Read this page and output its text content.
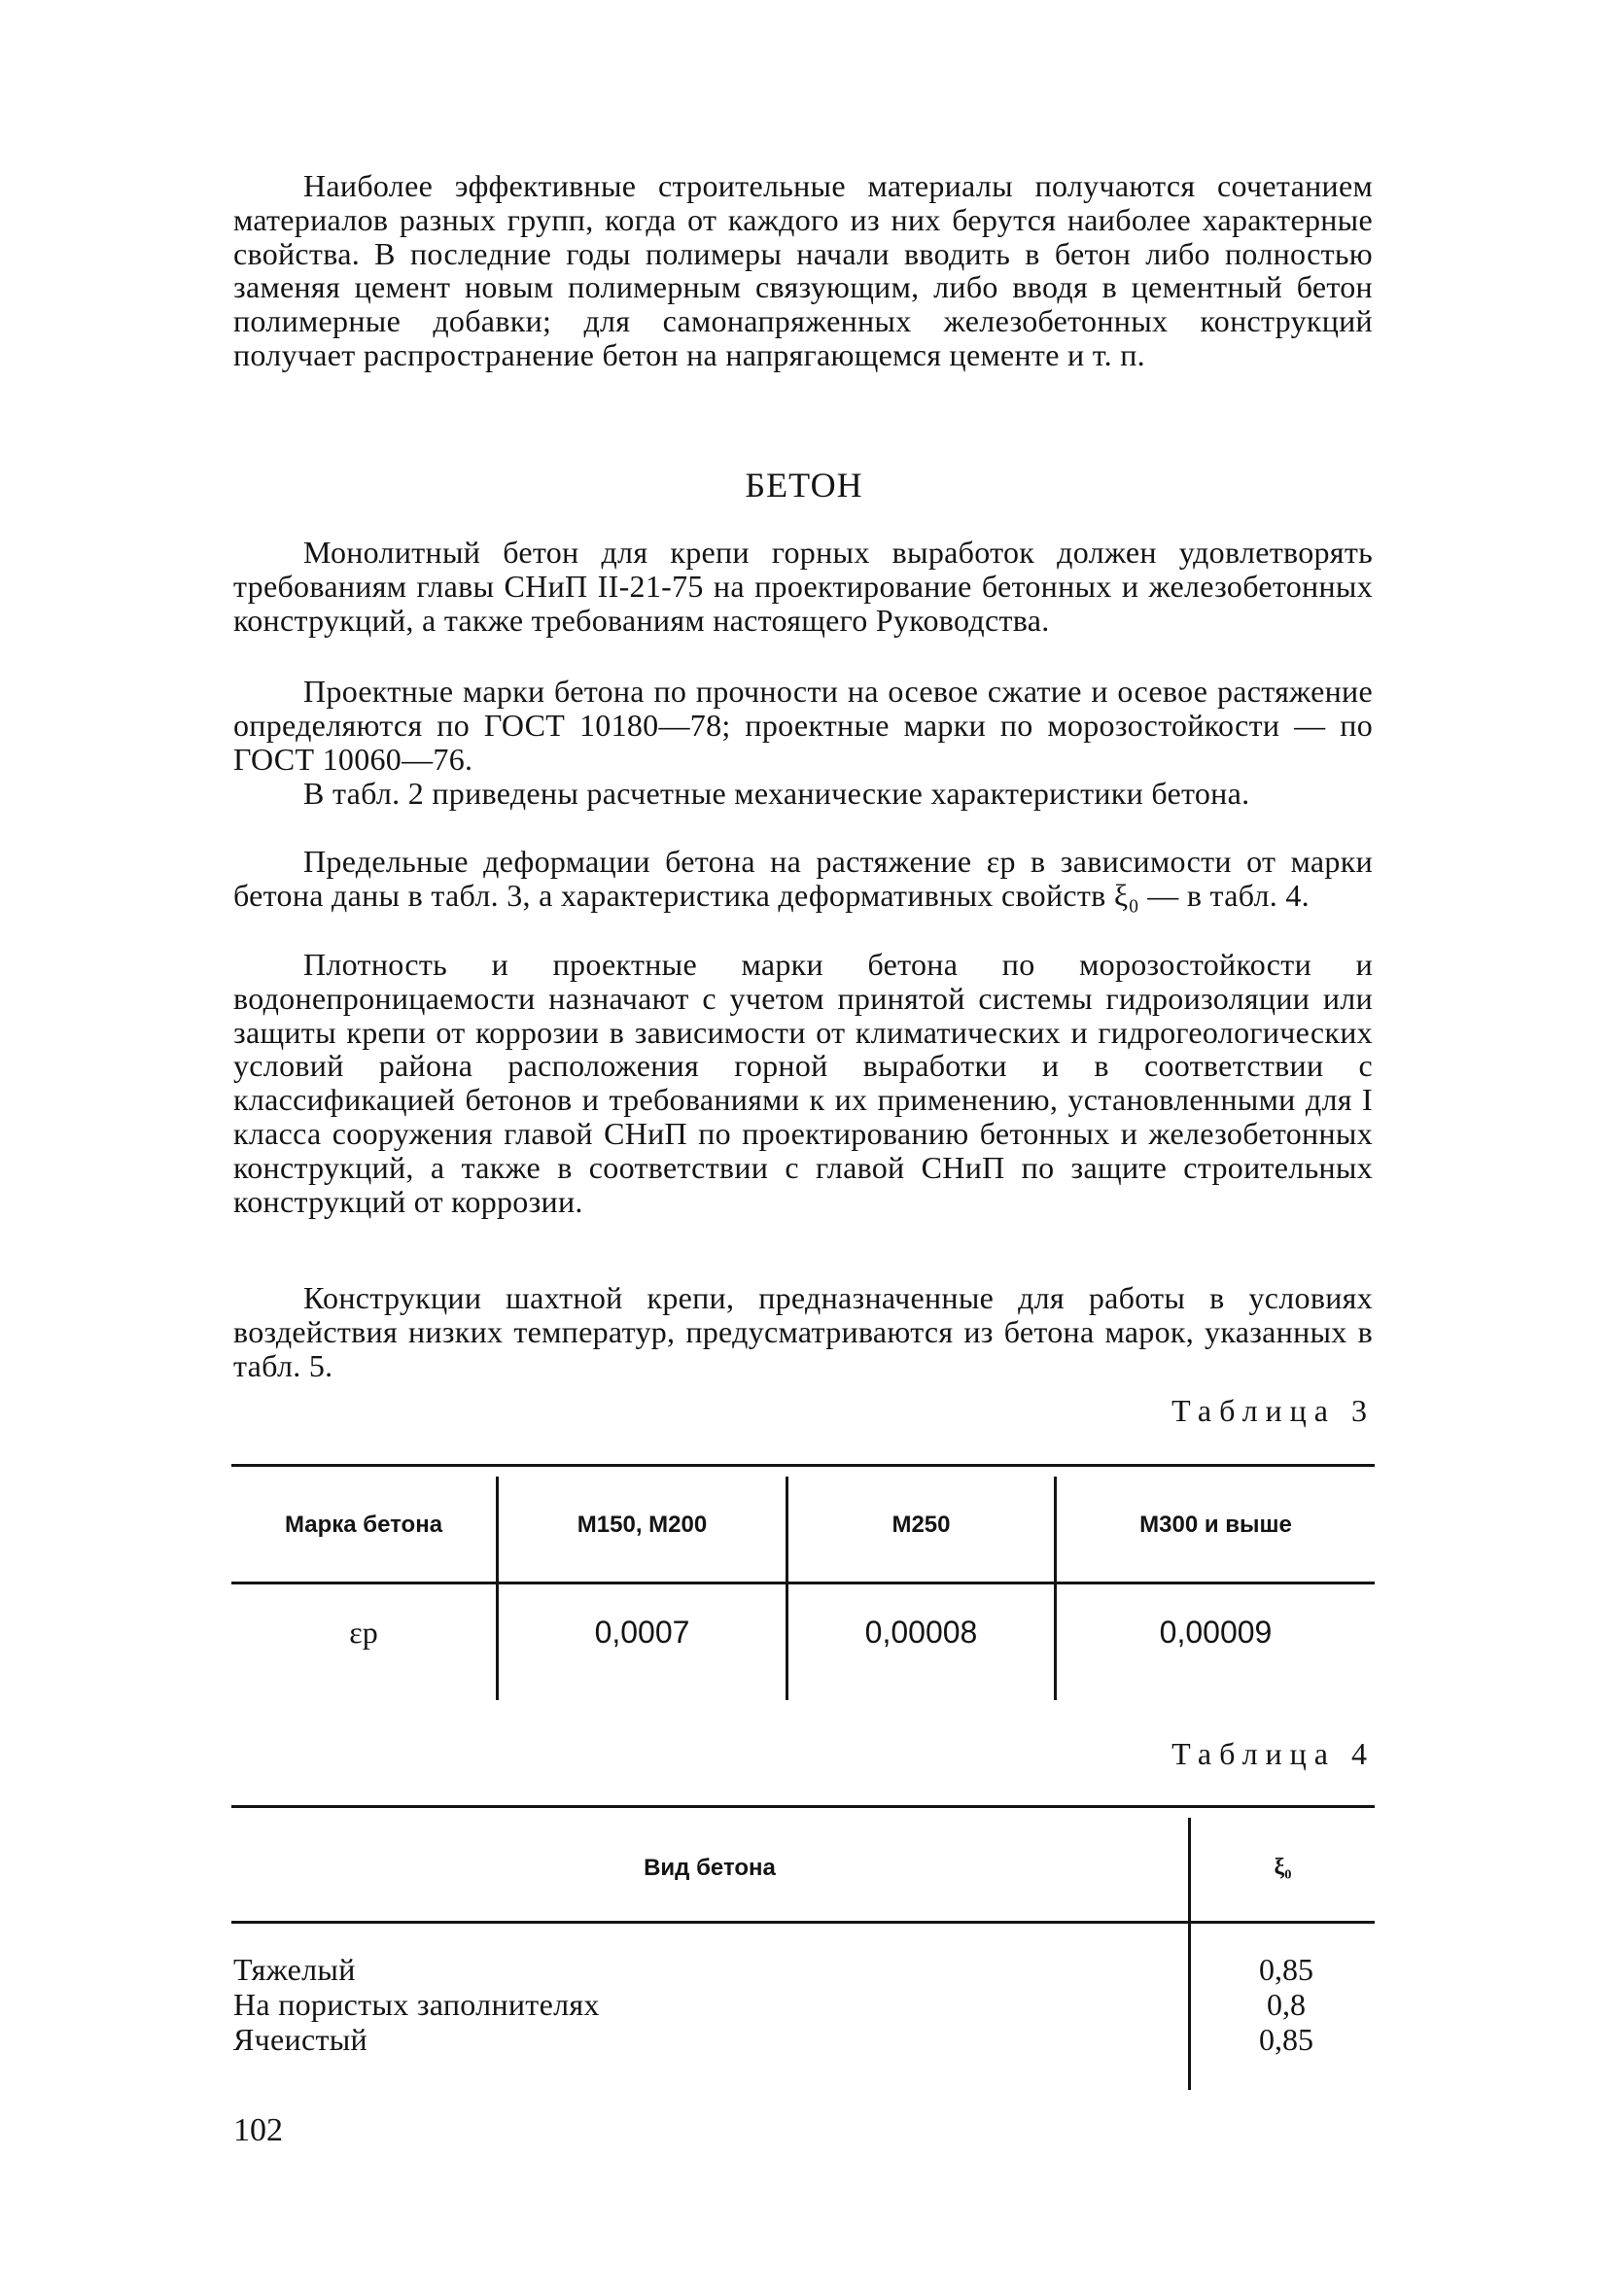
Наиболее эффективные строительные материалы получаются сочетанием материалов разных групп, когда от каждого из них берутся наиболее характерные свойства. В последние годы полимеры начали вводить в бетон либо полностью заменяя цемент новым полимерным связующим, либо вводя в цементный бетон полимерные добавки; для самонапряженных железобетонных конструкций получает распространение бетон на напрягающемся цементе и т. п.

БЕТОН

Монолитный бетон для крепи горных выработок должен удовлетворять требованиям главы СНиП II-21-75 на проектирование бетонных и железобетонных конструкций, а также требованиям настоящего Руководства.

Проектные марки бетона по прочности на осевое сжатие и осевое растяжение определяются по ГОСТ 10180—78; проектные марки по морозостойкости — по ГОСТ 10060—76.

В табл. 2 приведены расчетные механические характеристики бетона.

Предельные деформации бетона на растяжение εр в зависимости от марки бетона даны в табл. 3, а характеристика деформативных свойств ξ₀ — в табл. 4.

Плотность и проектные марки бетона по морозостойкости и водонепроницаемости назначают с учетом принятой системы гидроизоляции или защиты крепи от коррозии в зависимости от климатических и гидрогеологических условий района расположения горной выработки и в соответствии с классификацией бетонов и требованиями к их применению, установленными для I класса сооружения главой СНиП по проектированию бетонных и железобетонных конструкций, а также в соответствии с главой СНиП по защите строительных конструкций от коррозии.

Конструкции шахтной крепи, предназначенные для работы в условиях воздействия низких температур, предусматриваются из бетона марок, указанных в табл. 5.

Таблица 3
Марка бетона	М150, М200	М250	М300 и выше
εр	0,0007	0,00008	0,00009
Таблица 4
Вид бетона	ξ₀
Тяжелый	0,85
На пористых заполнителях	0,8
Ячеистый	0,85
102
